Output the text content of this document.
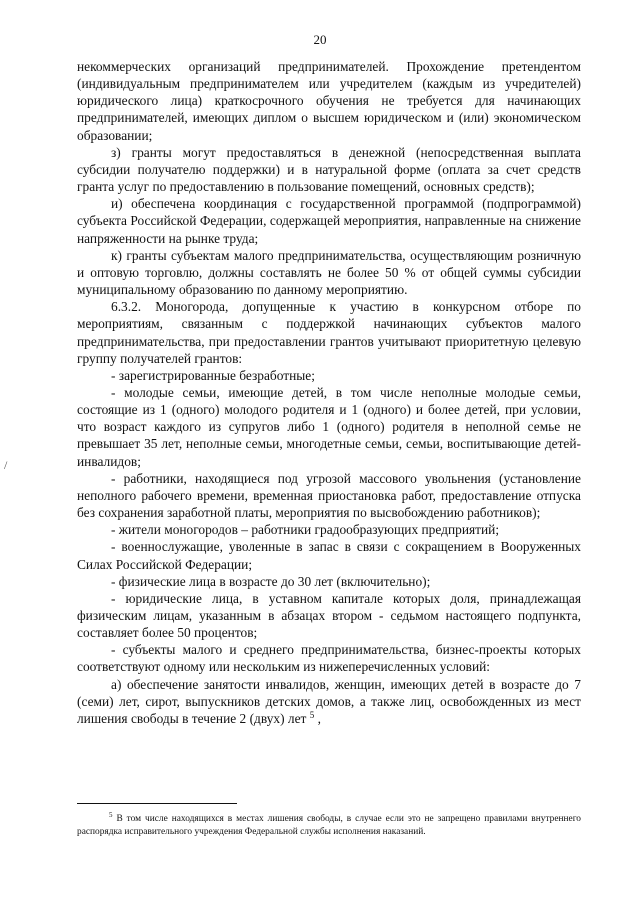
20
/

некоммерческих организаций предпринимателей. Прохождение претендентом (индивидуальным предпринимателем или учредителем (каждым из учредителей) юридического лица) краткосрочного обучения не требуется для начинающих предпринимателей, имеющих диплом о высшем юридическом и (или) экономическом образовании;

з) гранты могут предоставляться в денежной (непосредственная выплата субсидии получателю поддержки) и в натуральной форме (оплата за счет средств гранта услуг по предоставлению в пользование помещений, основных средств);

и) обеспечена координация с государственной программой (подпрограммой) субъекта Российской Федерации, содержащей мероприятия, направленные на снижение напряженности на рынке труда;

к) гранты субъектам малого предпринимательства, осуществляющим розничную и оптовую торговлю, должны составлять не более 50 % от общей суммы субсидии муниципальному образованию по данному мероприятию.

6.3.2. Моногорода, допущенные к участию в конкурсном отборе по мероприятиям, связанным с поддержкой начинающих субъектов малого предпринимательства, при предоставлении грантов учитывают приоритетную целевую группу получателей грантов:

- зарегистрированные безработные;

- молодые семьи, имеющие детей, в том числе неполные молодые семьи, состоящие из 1 (одного) молодого родителя и 1 (одного) и более детей, при условии, что возраст каждого из супругов либо 1 (одного) родителя в неполной семье не превышает 35 лет, неполные семьи, многодетные семьи, семьи, воспитывающие детей-инвалидов;

- работники, находящиеся под угрозой массового увольнения (установление неполного рабочего времени, временная приостановка работ, предоставление отпуска без сохранения заработной платы, мероприятия по высвобождению работников);

- жители моногородов – работники градообразующих предприятий;

- военнослужащие, уволенные в запас в связи с сокращением в Вооруженных Силах Российской Федерации;

- физические лица в возрасте до 30 лет (включительно);

- юридические лица, в уставном капитале которых доля, принадлежащая физическим лицам, указанным в абзацах втором - седьмом настоящего подпункта, составляет более 50 процентов;

- субъекты малого и среднего предпринимательства, бизнес-проекты которых соответствуют одному или нескольким из нижеперечисленных условий:

а) обеспечение занятости инвалидов, женщин, имеющих детей в возрасте до 7 (семи) лет, сирот, выпускников детских домов, а также лиц, освобожденных из мест лишения свободы в течение 2 (двух) лет $^5$ ,

$^5$ В том числе находящихся в местах лишения свободы, в случае если это не запрещено правилами внутреннего распорядка исправительного учреждения Федеральной службы исполнения наказаний.
